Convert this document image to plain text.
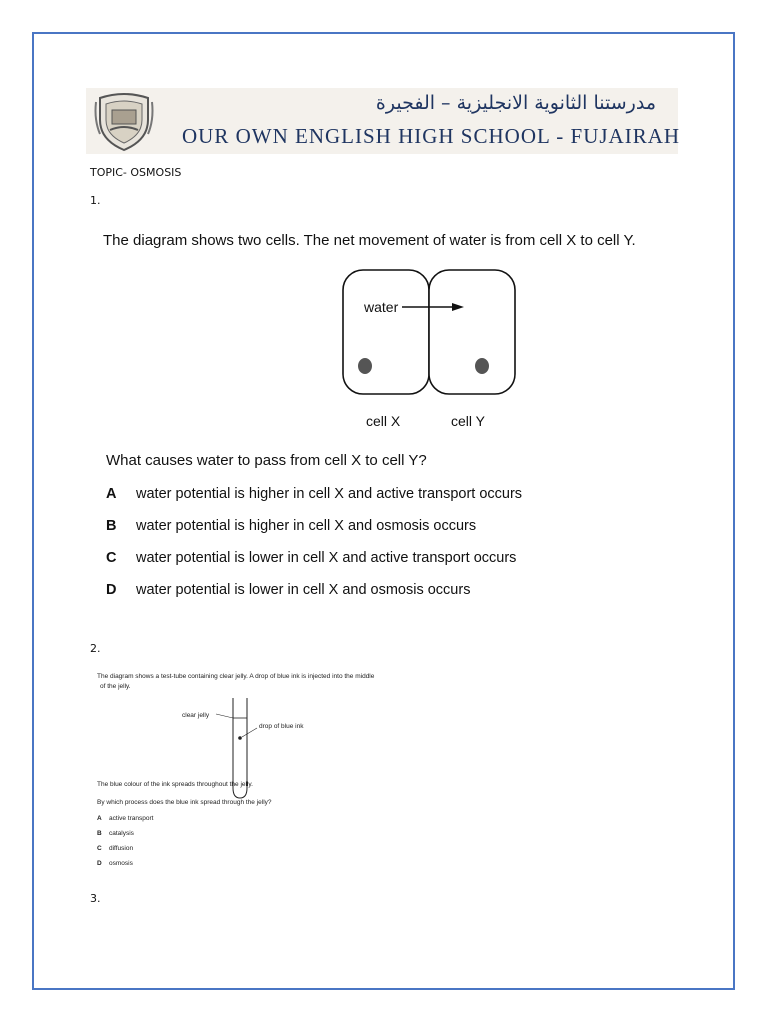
مدرستنا الثانوية الانجليزية – الفجيرة
OUR OWN ENGLISH HIGH SCHOOL - FUJAIRAH
TOPIC- OSMOSIS
1.
The diagram shows two cells. The net movement of water is from cell X to cell Y.
water
cell X	cell Y
What causes water to pass from cell X to cell Y?
A water potential is higher in cell X and active transport occurs
B water potential is higher in cell X and osmosis occurs
C water potential is lower in cell X and active transport occurs
D water potential is lower in cell X and osmosis occurs
2.
The diagram shows a test-tube containing clear jelly. A drop of blue ink is injected into the middle
of the jelly.
clear jelly
drop of blue ink
The blue colour of the ink spreads throughout the jelly.
By which process does the blue ink spread through the jelly?
A active transport
B catalysis
C diffusion
D osmosis
3.
